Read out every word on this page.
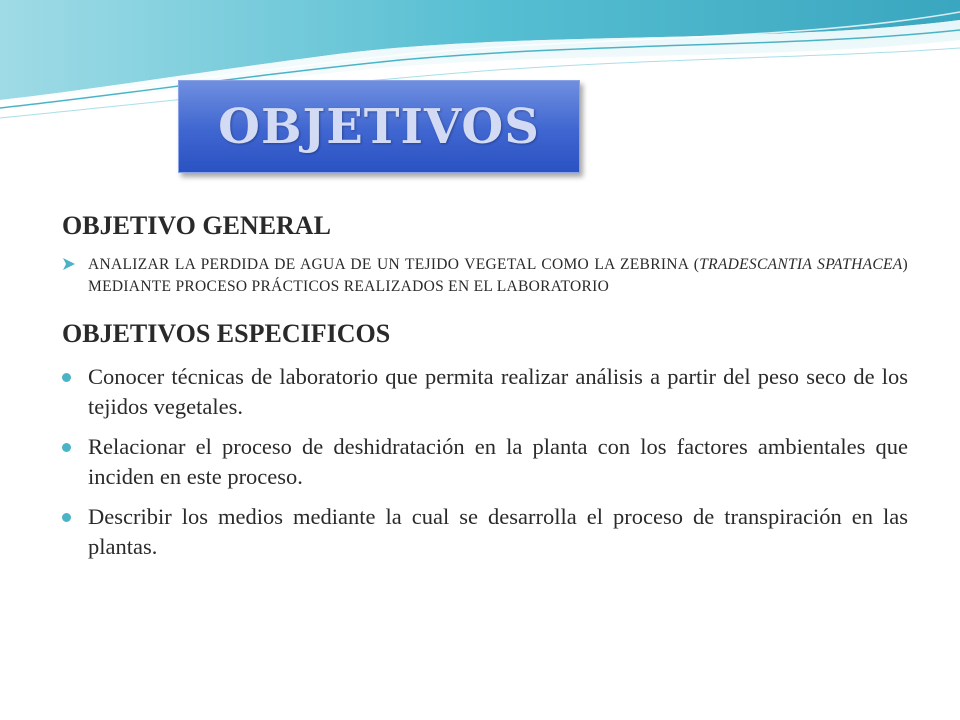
OBJETIVOS
OBJETIVO GENERAL
ANALIZAR LA PERDIDA DE AGUA DE UN TEJIDO VEGETAL COMO LA ZEBRINA (TRADESCANTIA SPATHACEA) MEDIANTE PROCESO PRÁCTICOS REALIZADOS EN EL LABORATORIO
OBJETIVOS ESPECIFICOS
Conocer técnicas de laboratorio que permita realizar análisis a partir del peso seco de los tejidos vegetales.
Relacionar el proceso de deshidratación en la planta con los factores ambientales que inciden en este proceso.
Describir los medios mediante la cual se desarrolla el proceso de transpiración en las plantas.
